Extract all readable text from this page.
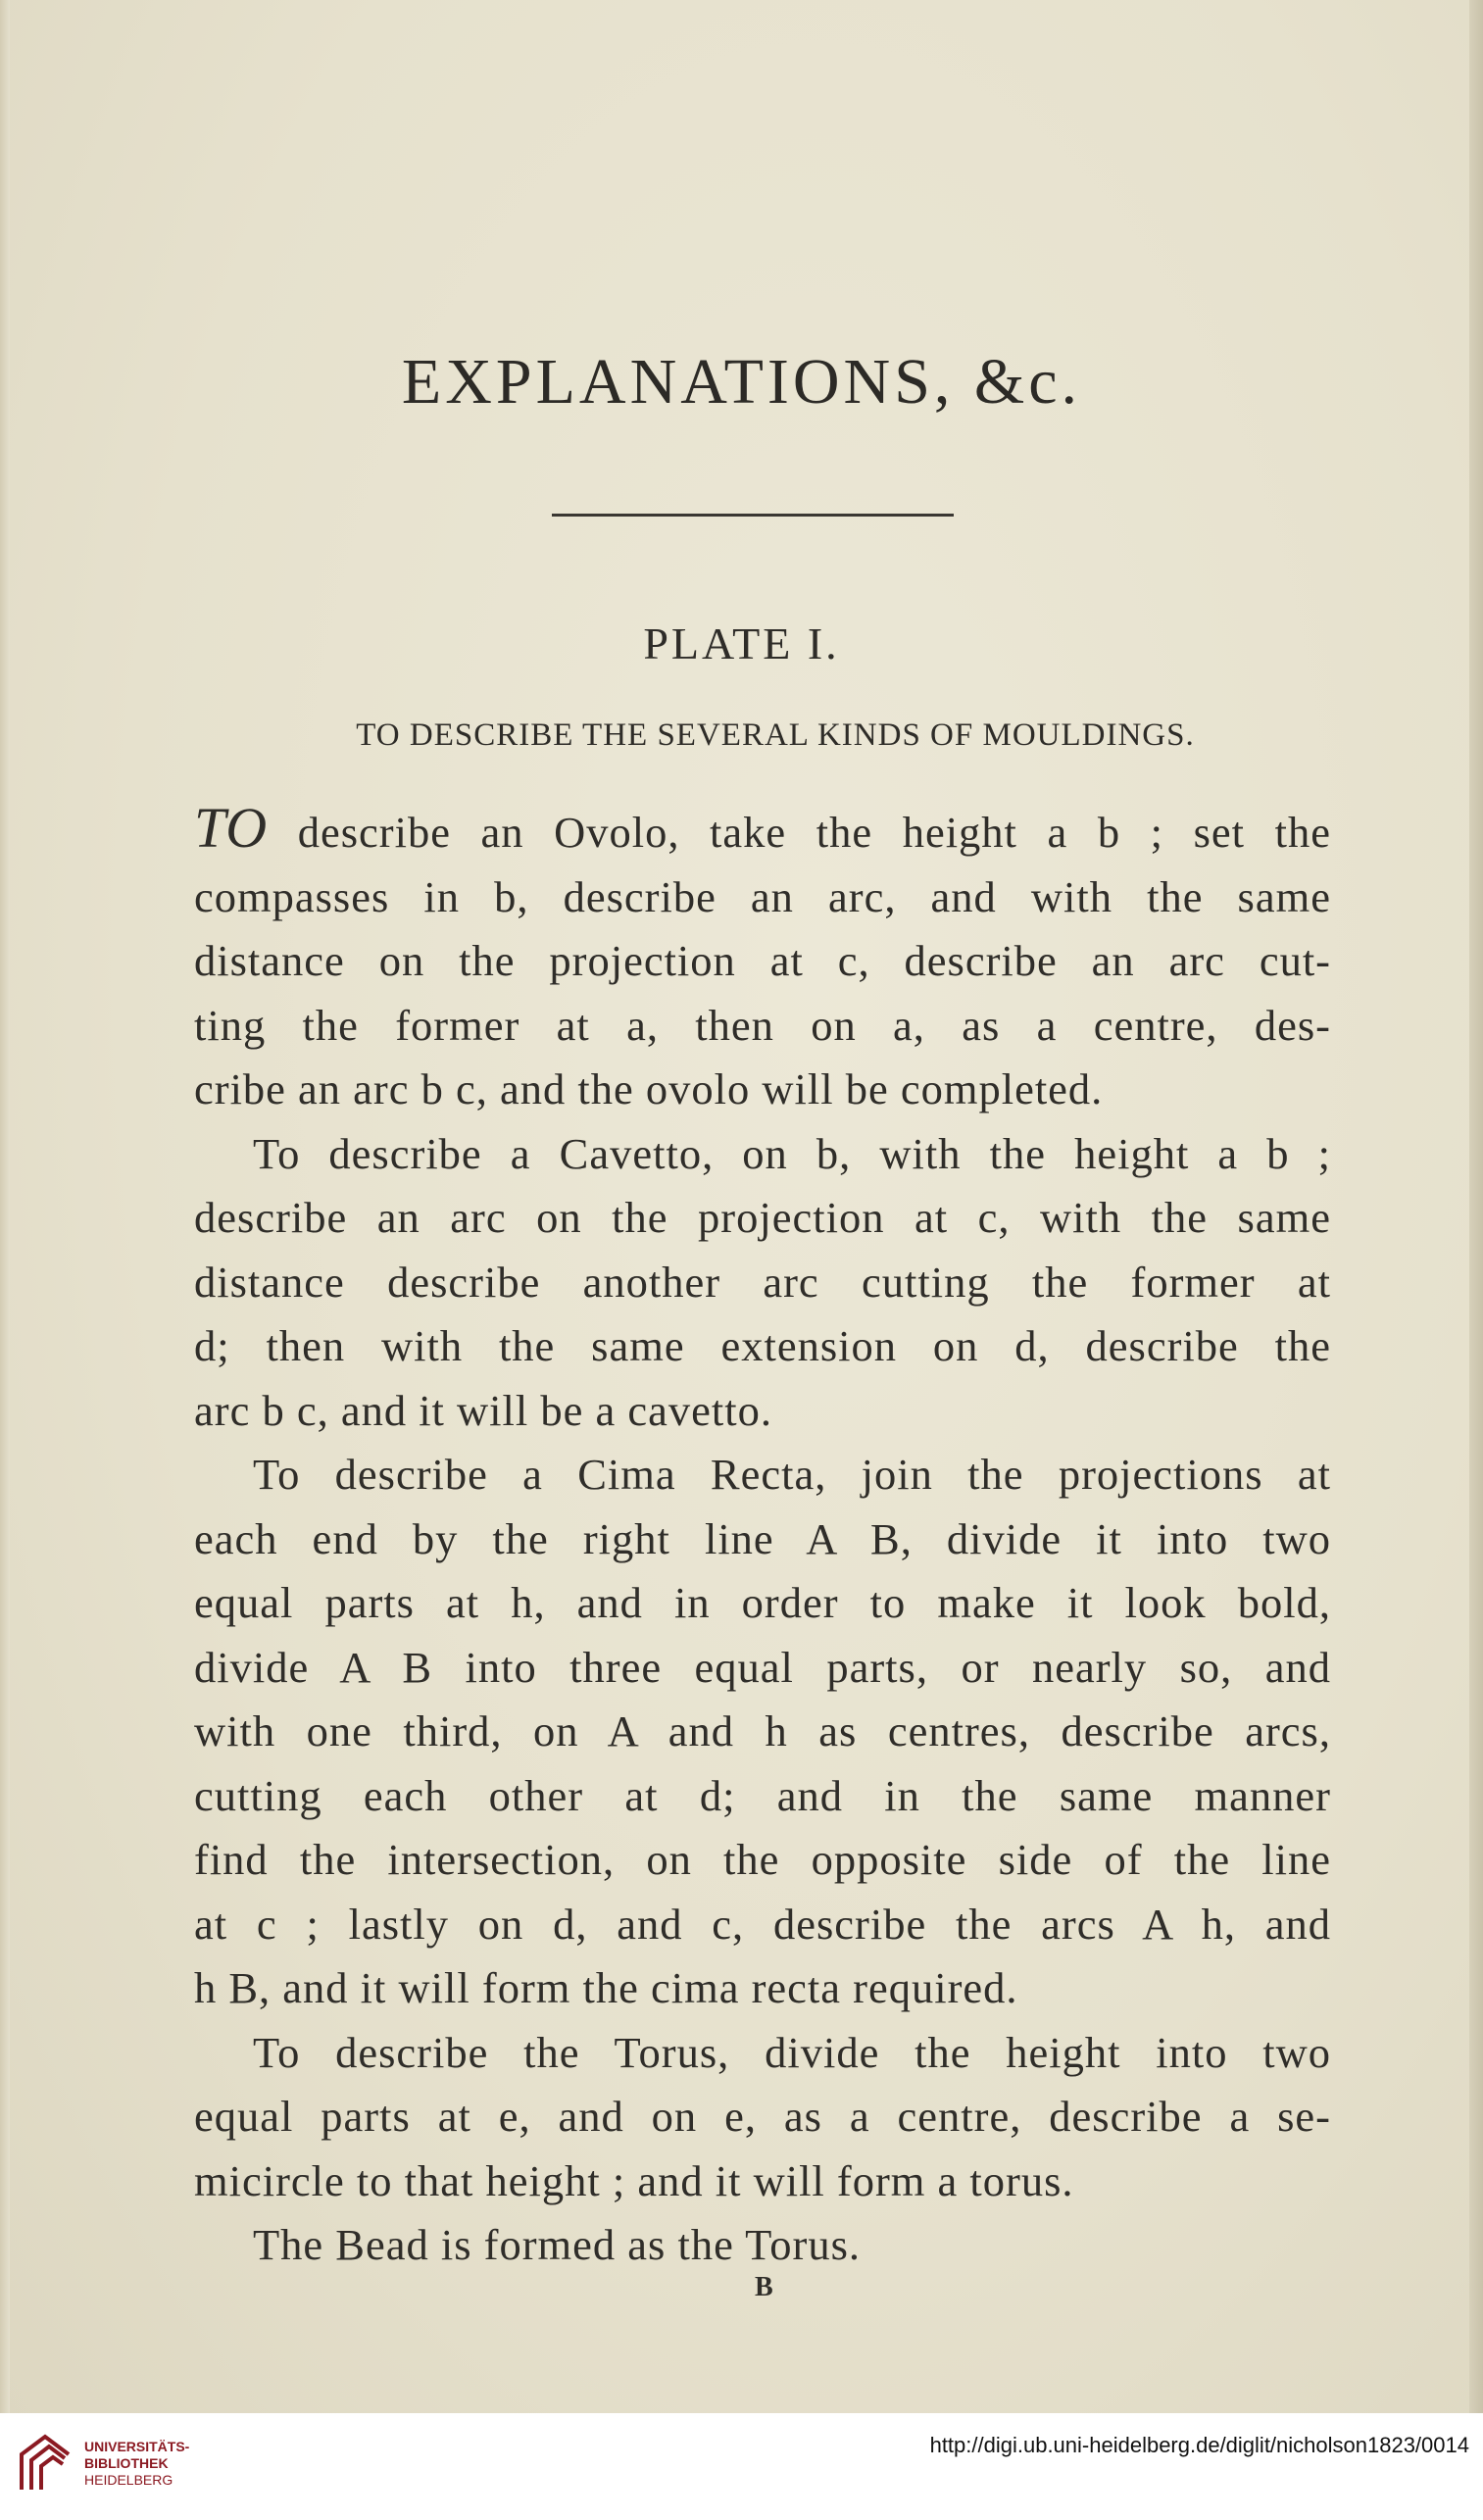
EXPLANATIONS, &c.
PLATE I.
TO DESCRIBE THE SEVERAL KINDS OF MOULDINGS.
TO describe an Ovolo, take the height a b ; set the
compasses in b, describe an arc, and with the same
distance on the projection at c, describe an arc cut-
ting the former at a, then on a, as a centre, des-
cribe an arc b c, and the ovolo will be completed.
To describe a Cavetto, on b, with the height a b ;
describe an arc on the projection at c, with the same
distance describe another arc cutting the former at
d; then with the same extension on d, describe the
arc b c, and it will be a cavetto.
To describe a Cima Recta, join the projections at
each end by the right line A B, divide it into two
equal parts at h, and in order to make it look bold,
divide A B into three equal parts, or nearly so, and
with one third, on A and h as centres, describe arcs,
cutting each other at d; and in the same manner
find the intersection, on the opposite side of the line
at c ; lastly on d, and c, describe the arcs A h, and
h B, and it will form the cima recta required.
To describe the Torus, divide the height into two
equal parts at e, and on e, as a centre, describe a se-
micircle to that height ; and it will form a torus.
The Bead is formed as the Torus.
B
UNIVERSITÄTS-
BIBLIOTHEK
HEIDELBERG
http://digi.ub.uni-heidelberg.de/diglit/nicholson1823/0014
